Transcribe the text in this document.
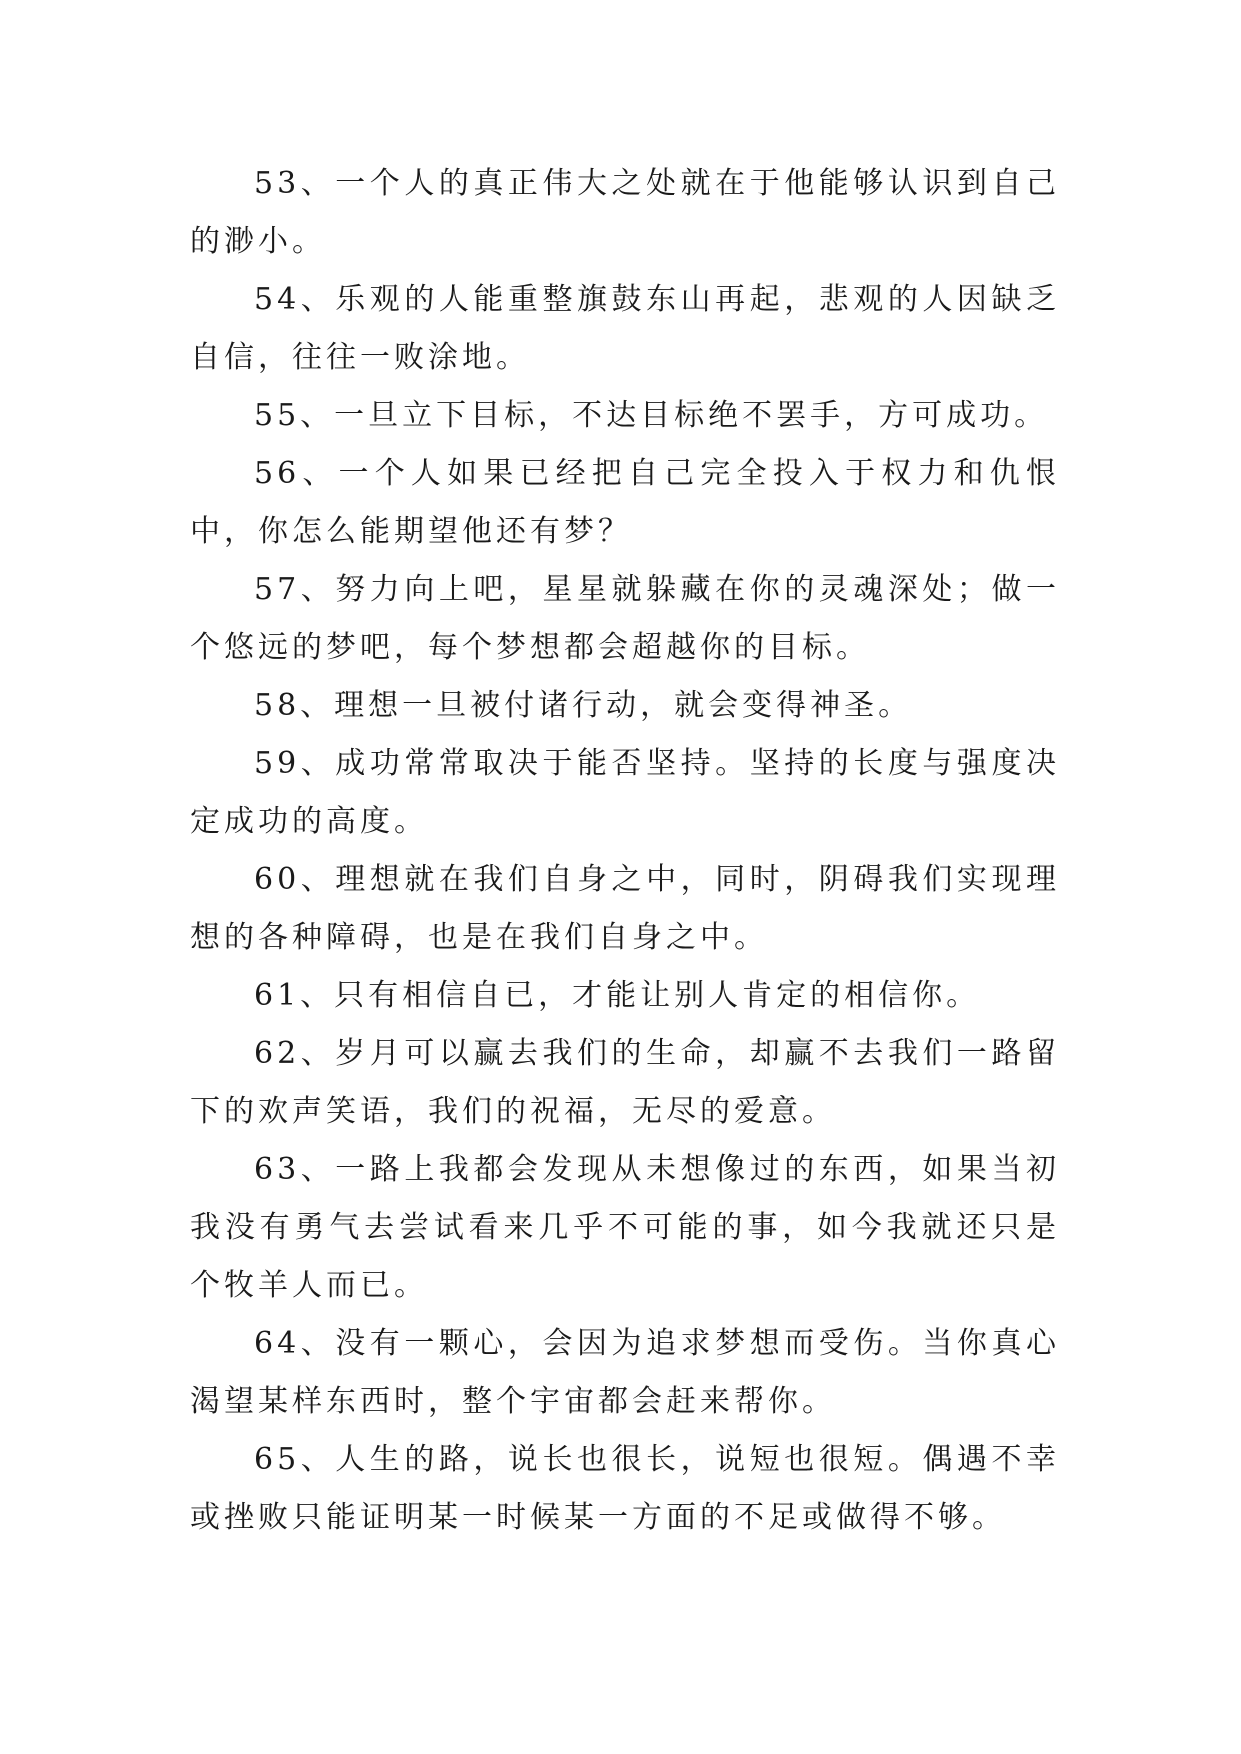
53、一个人的真正伟大之处就在于他能够认识到自己的渺小。

54、乐观的人能重整旗鼓东山再起，悲观的人因缺乏自信，往往一败涂地。

55、一旦立下目标，不达目标绝不罢手，方可成功。

56、一个人如果已经把自己完全投入于权力和仇恨中，你怎么能期望他还有梦？

57、努力向上吧，星星就躲藏在你的灵魂深处；做一个悠远的梦吧，每个梦想都会超越你的目标。

58、理想一旦被付诸行动，就会变得神圣。

59、成功常常取决于能否坚持。坚持的长度与强度决定成功的高度。

60、理想就在我们自身之中，同时，阴碍我们实现理想的各种障碍，也是在我们自身之中。

61、只有相信自已，才能让别人肯定的相信你。

62、岁月可以赢去我们的生命，却赢不去我们一路留下的欢声笑语，我们的祝福，无尽的爱意。

63、一路上我都会发现从未想像过的东西，如果当初我没有勇气去尝试看来几乎不可能的事，如今我就还只是个牧羊人而已。

64、没有一颗心，会因为追求梦想而受伤。当你真心渴望某样东西时，整个宇宙都会赶来帮你。

65、人生的路，说长也很长，说短也很短。偶遇不幸或挫败只能证明某一时候某一方面的不足或做得不够。
